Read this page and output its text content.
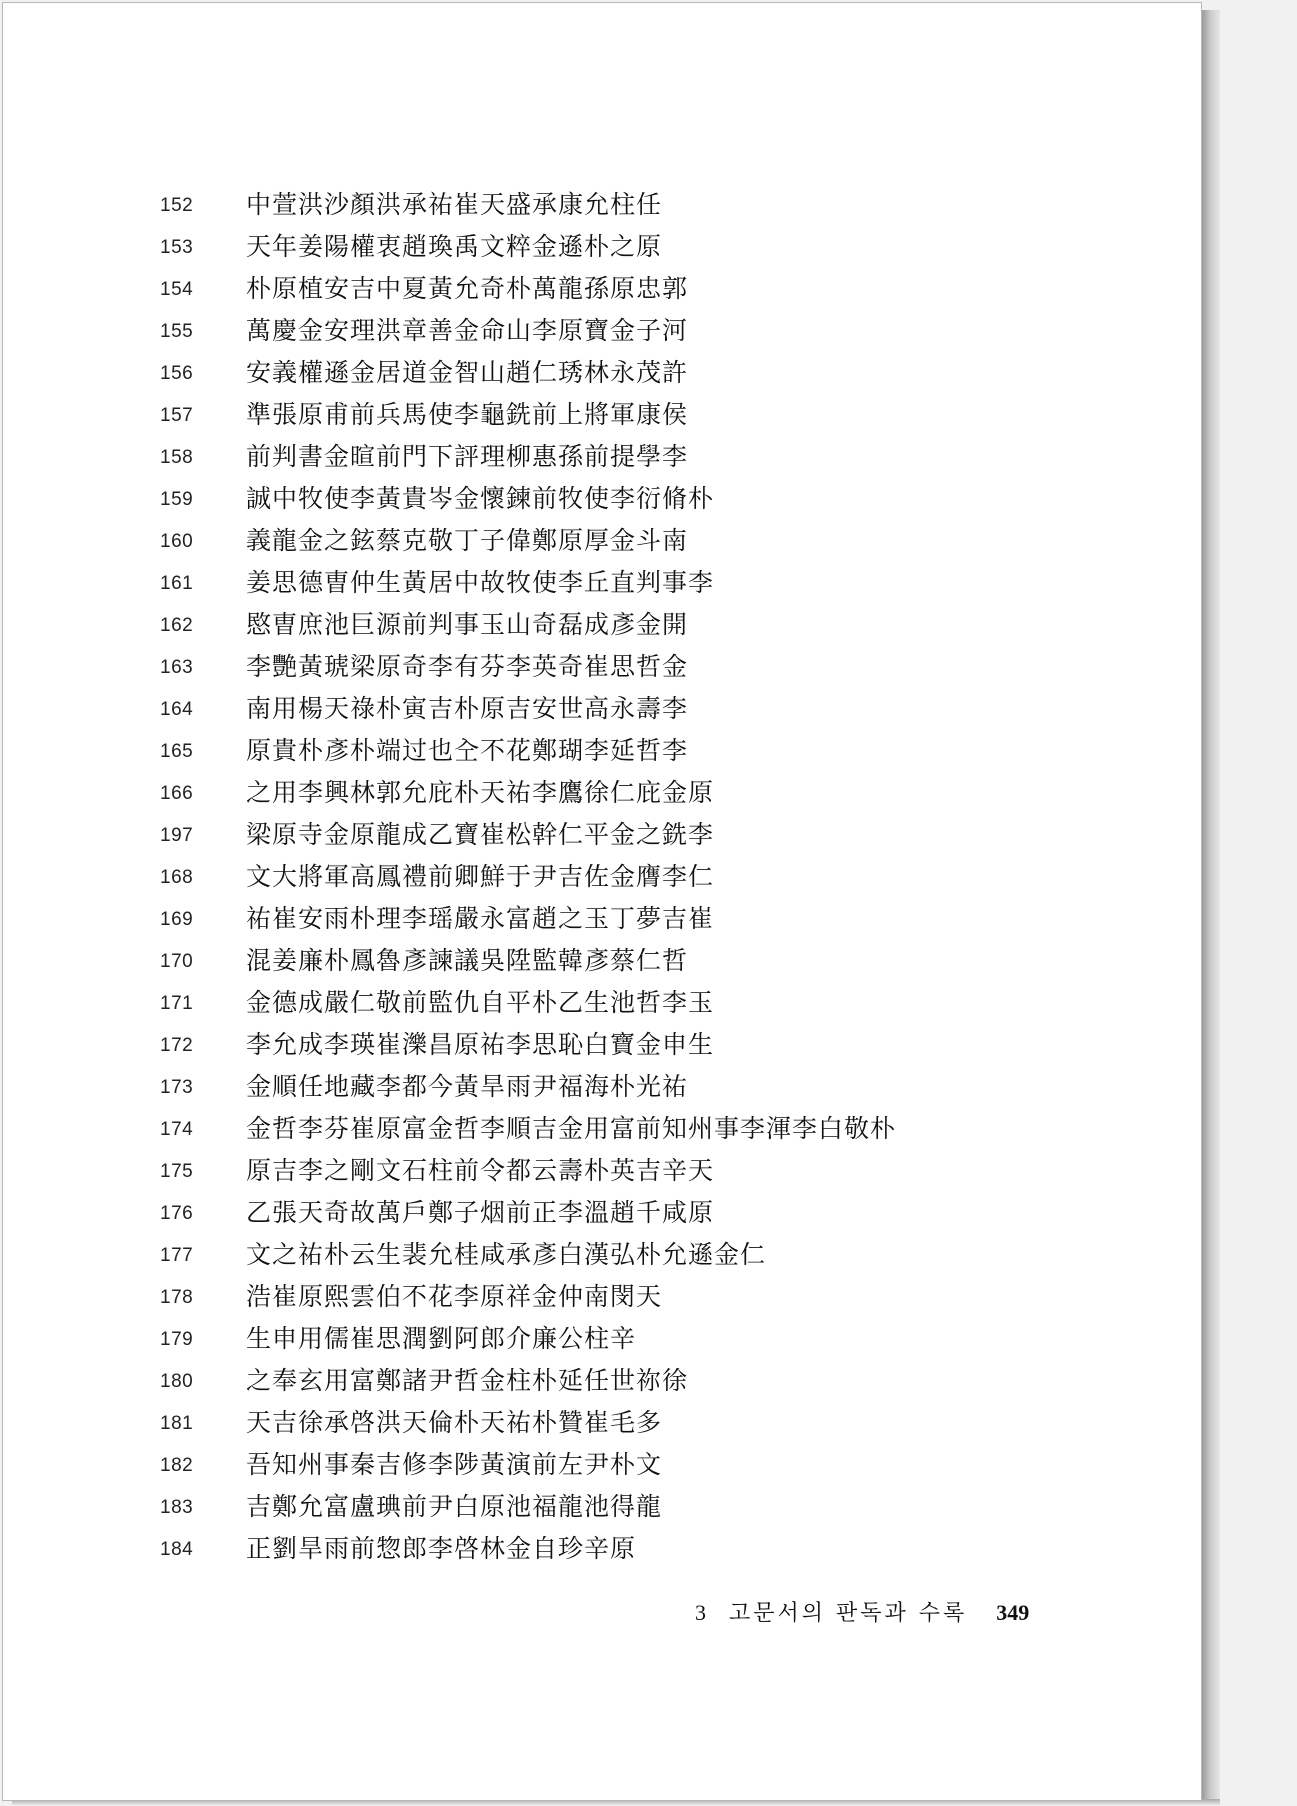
152 中萱洪沙顏洪承祐崔天盛承康允柱任
153 天年姜陽權衷趙瑍禹文粹金遜朴之原
154 朴原植安吉中夏黃允奇朴萬龍孫原忠郭
155 萬慶金安理洪章善金命山李原寶金子河
156 安義權遜金居道金智山趙仁琇林永茂許
157 準張原甫前兵馬使李龜銑前上將軍康侯
158 前判書金暄前門下評理柳惠孫前提學李
159 誠中牧使李黃貴岑金懷鍊前牧使李衍脩朴
160 義龍金之鉉蔡克敬丁子偉鄭原厚金斗南
161 姜思德曺仲生黃居中故牧使李丘直判事李
162 愍曺庶池巨源前判事玉山奇磊成彥金開
163 李艷黃琥梁原奇李有芬李英奇崔思哲金
164 南用楊天祿朴寅吉朴原吉安世高永壽李
165 原貴朴彥朴端过也㒰不花鄭瑚李延哲李
166 之用李興林郭允庇朴天祐李鷹徐仁庇金原
197 梁原寺金原龍成乙寶崔松幹仁平金之銑李
168 文大將軍高鳳禮前卿鮮于尹吉佐金膺李仁
169 祐崔安雨朴理李瑶嚴永富趙之玉丁夢吉崔
170 混姜廉朴鳳魯彥諫議吳陞監韓彥蔡仁哲
171 金德成嚴仁敬前監仇自平朴乙生池哲李玉
172 李允成李瑛崔濼昌原祐李思恥白寶金申生
173 金順任地藏李都今黃旱雨尹福海朴光祐
174 金哲李芬崔原富金哲李順吉金用富前知州事李渾李白敬朴
175 原吉李之剛文石柱前令都云壽朴英吉辛天
176 乙張天奇故萬戶鄭子烟前正李溫趙千咸原
177 文之祐朴云生裴允桂咸承彥白漢弘朴允遜金仁
178 浩崔原熙雲伯不花李原祥金仲南閔天
179 生申用儒崔思潤劉阿郎介廉公柱辛
180 之奉玄用富鄭諸尹哲金柱朴延任世祢徐
181 天吉徐承啓洪天倫朴天祐朴贊崔毛多
182 吾知州事秦吉修李陟黃演前左尹朴文
183 吉鄭允富盧琠前尹白原池福龍池得龍
184 正劉旱雨前惣郎李啓林金自珍辛原
3 고문서의 판독과 수록 349
